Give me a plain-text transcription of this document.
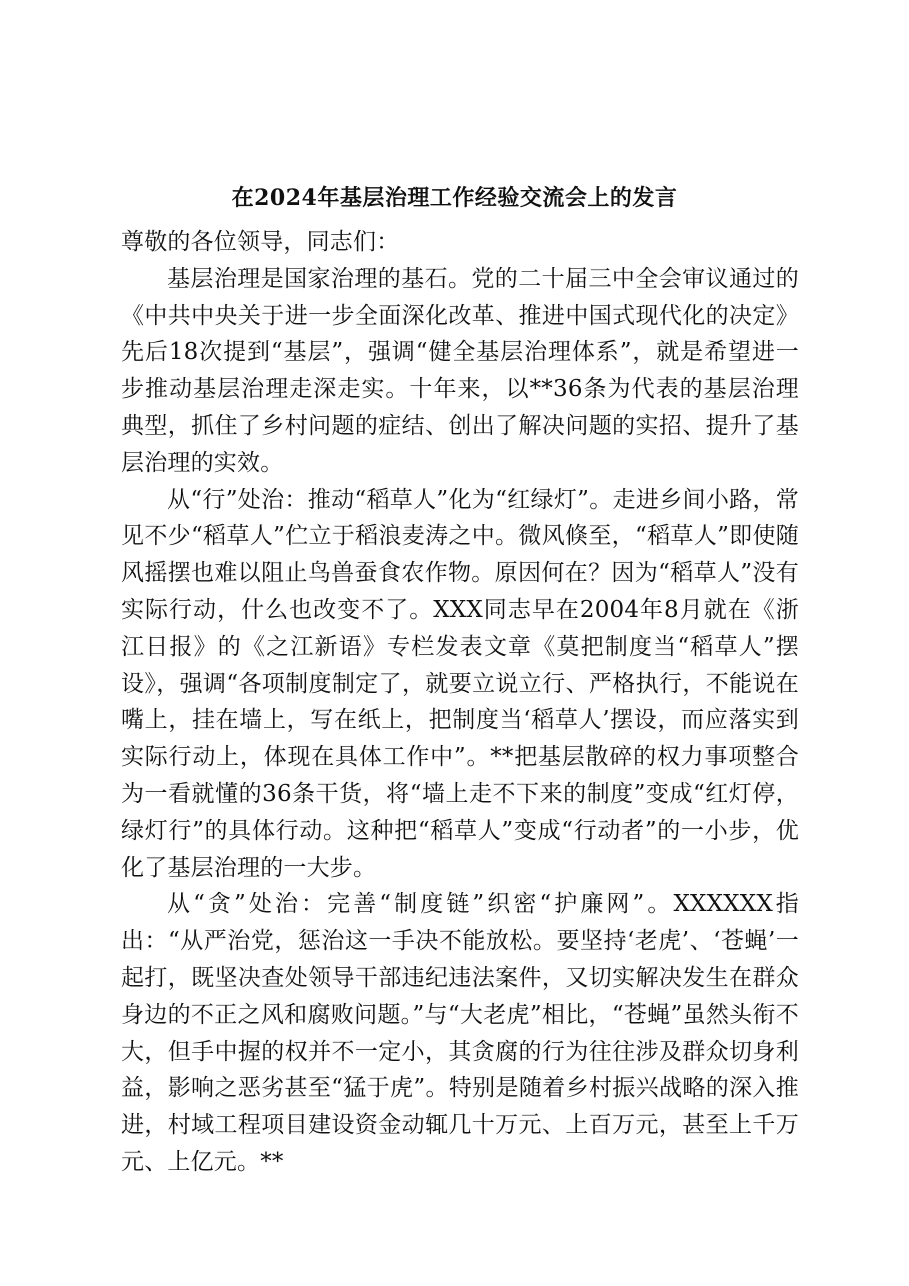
在2024年基层治理工作经验交流会上的发言

尊敬的各位领导，同志们：

基层治理是国家治理的基石。党的二十届三中全会审议通过的《中共中央关于进一步全面深化改革、推进中国式现代化的决定》先后18次提到“基层”，强调“健全基层治理体系”，就是希望进一步推动基层治理走深走实。十年来，以**36条为代表的基层治理典型，抓住了乡村问题的症结、创出了解决问题的实招、提升了基层治理的实效。

从“行”处治：推动“稻草人”化为“红绿灯”。走进乡间小路，常见不少“稻草人”伫立于稻浪麦涛之中。微风倏至，“稻草人”即使随风摇摆也难以阻止鸟兽蚕食农作物。原因何在？因为“稻草人”没有实际行动，什么也改变不了。XXX同志早在2004年8月就在《浙江日报》的《之江新语》专栏发表文章《莫把制度当“稻草人”摆设》，强调“各项制度制定了，就要立说立行、严格执行，不能说在嘴上，挂在墙上，写在纸上，把制度当‘稻草人’摆设，而应落实到实际行动上，体现在具体工作中”。**把基层散碎的权力事项整合为一看就懂的36条干货，将“墙上走不下来的制度”变成“红灯停，绿灯行”的具体行动。这种把“稻草人”变成“行动者”的一小步，优化了基层治理的一大步。

从“贪”处治：完善“制度链”织密“护廉网”。XXXXXX指出：“从严治党，惩治这一手决不能放松。要坚持‘老虎’、‘苍蝇’一起打，既坚决查处领导干部违纪违法案件，又切实解决发生在群众身边的不正之风和腐败问题。”与“大老虎”相比，“苍蝇”虽然头衔不大，但手中握的权并不一定小，其贪腐的行为往往涉及群众切身利益，影响之恶劣甚至“猛于虎”。特别是随着乡村振兴战略的深入推进，村域工程项目建设资金动辄几十万元、上百万元，甚至上千万元、上亿元。**
